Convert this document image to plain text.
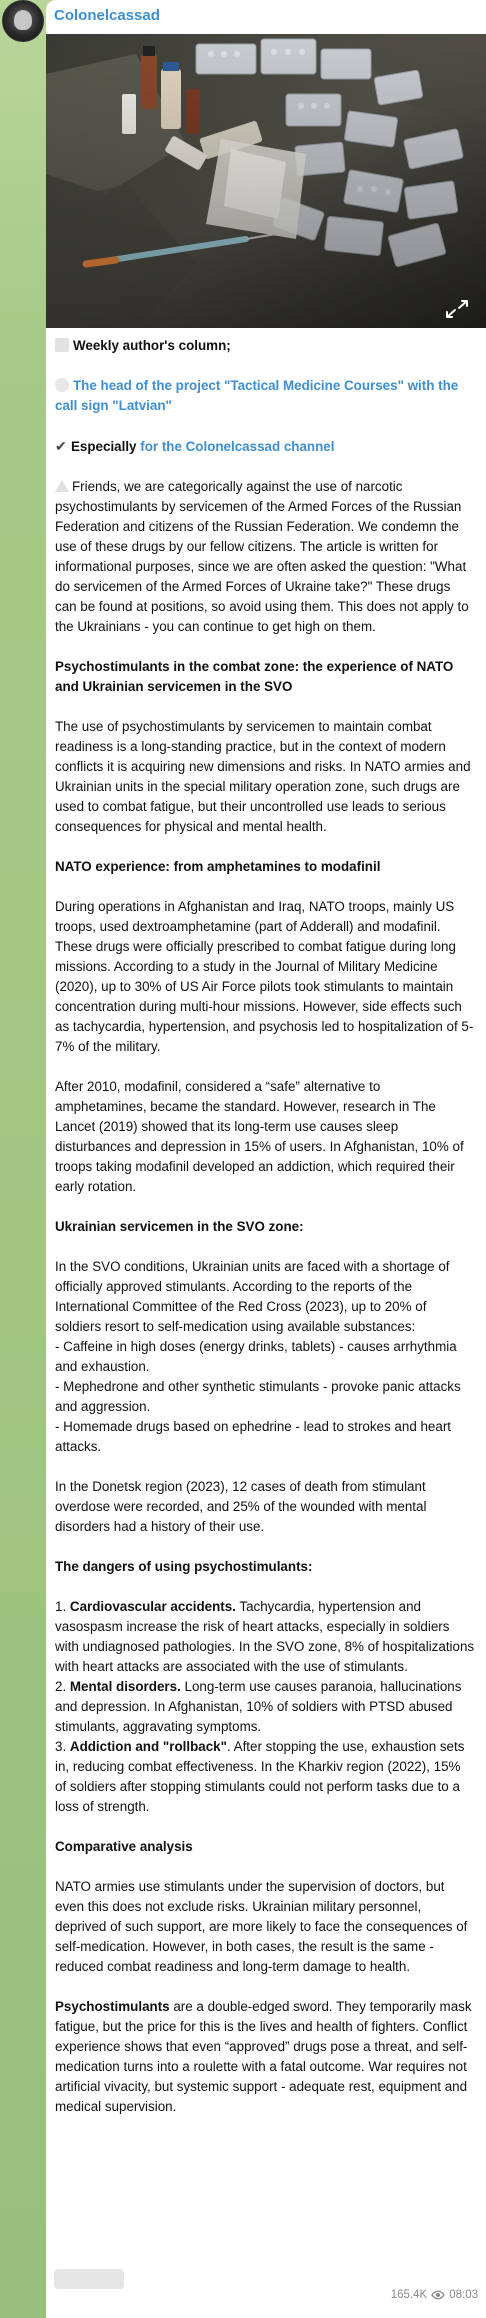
Colonelcassad
Weekly author's column;
The head of the project "Tactical Medicine Courses" with the call sign "Latvian"
✔ Especially for the Colonelcassad channel
Friends, we are categorically against the use of narcotic psychostimulants by servicemen of the Armed Forces of the Russian Federation and citizens of the Russian Federation. We condemn the use of these drugs by our fellow citizens. The article is written for informational purposes, since we are often asked the question: "What do servicemen of the Armed Forces of Ukraine take?" These drugs can be found at positions, so avoid using them. This does not apply to the Ukrainians - you can continue to get high on them.
Psychostimulants in the combat zone: the experience of NATO and Ukrainian servicemen in the SVO
The use of psychostimulants by servicemen to maintain combat readiness is a long-standing practice, but in the context of modern conflicts it is acquiring new dimensions and risks. In NATO armies and Ukrainian units in the special military operation zone, such drugs are used to combat fatigue, but their uncontrolled use leads to serious consequences for physical and mental health.
NATO experience: from amphetamines to modafinil
During operations in Afghanistan and Iraq, NATO troops, mainly US troops, used dextroamphetamine (part of Adderall) and modafinil. These drugs were officially prescribed to combat fatigue during long missions. According to a study in the Journal of Military Medicine (2020), up to 30% of US Air Force pilots took stimulants to maintain concentration during multi-hour missions. However, side effects such as tachycardia, hypertension, and psychosis led to hospitalization of 5-7% of the military.
After 2010, modafinil, considered a “safe” alternative to amphetamines, became the standard. However, research in The Lancet (2019) showed that its long-term use causes sleep disturbances and depression in 15% of users. In Afghanistan, 10% of troops taking modafinil developed an addiction, which required their early rotation.
Ukrainian servicemen in the SVO zone:
In the SVO conditions, Ukrainian units are faced with a shortage of officially approved stimulants. According to the reports of the International Committee of the Red Cross (2023), up to 20% of soldiers resort to self-medication using available substances:
- Caffeine in high doses (energy drinks, tablets) - causes arrhythmia and exhaustion.
- Mephedrone and other synthetic stimulants - provoke panic attacks and aggression.
- Homemade drugs based on ephedrine - lead to strokes and heart attacks.
In the Donetsk region (2023), 12 cases of death from stimulant overdose were recorded, and 25% of the wounded with mental disorders had a history of their use.
The dangers of using psychostimulants:
1. Cardiovascular accidents. Tachycardia, hypertension and vasospasm increase the risk of heart attacks, especially in soldiers with undiagnosed pathologies. In the SVO zone, 8% of hospitalizations with heart attacks are associated with the use of stimulants.
2. Mental disorders. Long-term use causes paranoia, hallucinations and depression. In Afghanistan, 10% of soldiers with PTSD abused stimulants, aggravating symptoms.
3. Addiction and "rollback". After stopping the use, exhaustion sets in, reducing combat effectiveness. In the Kharkiv region (2022), 15% of soldiers after stopping stimulants could not perform tasks due to a loss of strength.
Comparative analysis
NATO armies use stimulants under the supervision of doctors, but even this does not exclude risks. Ukrainian military personnel, deprived of such support, are more likely to face the consequences of self-medication. However, in both cases, the result is the same - reduced combat readiness and long-term damage to health.
Psychostimulants are a double-edged sword. They temporarily mask fatigue, but the price for this is the lives and health of fighters. Conflict experience shows that even “approved” drugs pose a threat, and self-medication turns into a roulette with a fatal outcome. War requires not artificial vivacity, but systemic support - adequate rest, equipment and medical supervision.
165.4K 08:03
